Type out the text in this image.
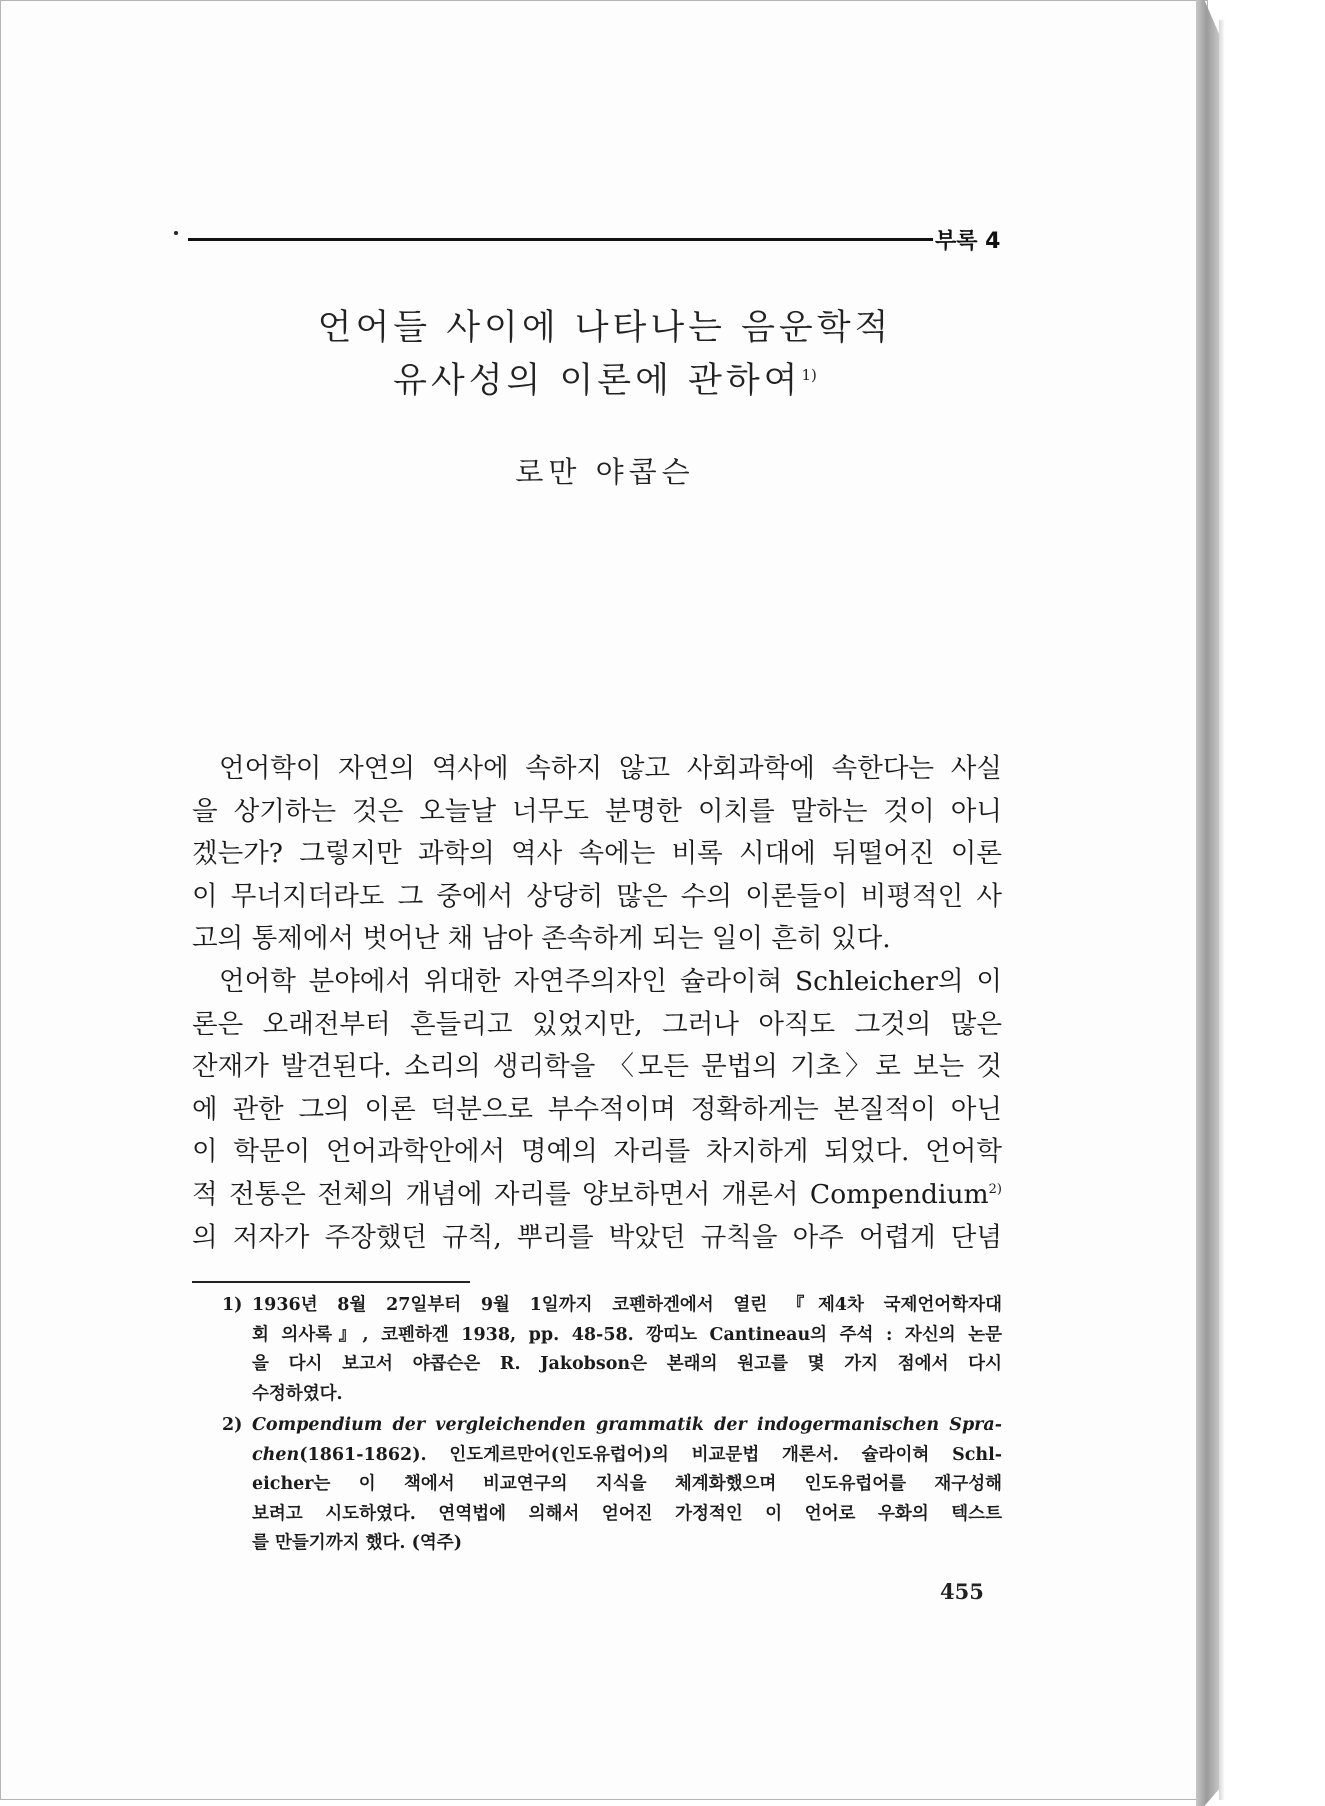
부록 4
언어들 사이에 나타나는 음운학적
유사성의 이론에 관하여$^{1)}$
로만 야콥슨
언어학이 자연의 역사에 속하지 않고 사회과학에 속한다는 사실
을 상기하는 것은 오늘날 너무도 분명한 이치를 말하는 것이 아니
겠는가? 그렇지만 과학의 역사 속에는 비록 시대에 뒤떨어진 이론
이 무너지더라도 그 중에서 상당히 많은 수의 이론들이 비평적인 사
고의 통제에서 벗어난 채 남아 존속하게 되는 일이 흔히 있다.
언어학 분야에서 위대한 자연주의자인 슐라이혀 Schleicher의 이
론은 오래전부터 흔들리고 있었지만, 그러나 아직도 그것의 많은
잔재가 발견된다. 소리의 생리학을 〈모든 문법의 기초〉로 보는 것
에 관한 그의 이론 덕분으로 부수적이며 정확하게는 본질적이 아닌
이 학문이 언어과학안에서 명예의 자리를 차지하게 되었다. 언어학
적 전통은 전체의 개념에 자리를 양보하면서 개론서 Compendium$^{2)}$
의 저자가 주장했던 규칙, 뿌리를 박았던 규칙을 아주 어렵게 단념
1) 1936년 8월 27일부터 9월 1일까지 코펜하겐에서 열린 『제4차 국제언어학자대
회 의사록』, 코펜하겐 1938, pp. 48-58. 깡띠노 Cantineau의 주석 : 자신의 논문
을 다시 보고서 야콥슨은 R. Jakobson은 본래의 원고를 몇 가지 점에서 다시
수정하였다.
2) Compendium der vergleichenden grammatik der indogermanischen Spra-
chen(1861-1862). 인도게르만어(인도유럽어)의 비교문법 개론서. 슐라이혀 Schl-
eicher는 이 책에서 비교연구의 지식을 체계화했으며 인도유럽어를 재구성해
보려고 시도하였다. 연역법에 의해서 얻어진 가정적인 이 언어로 우화의 텍스트
를 만들기까지 했다. (역주)
455
